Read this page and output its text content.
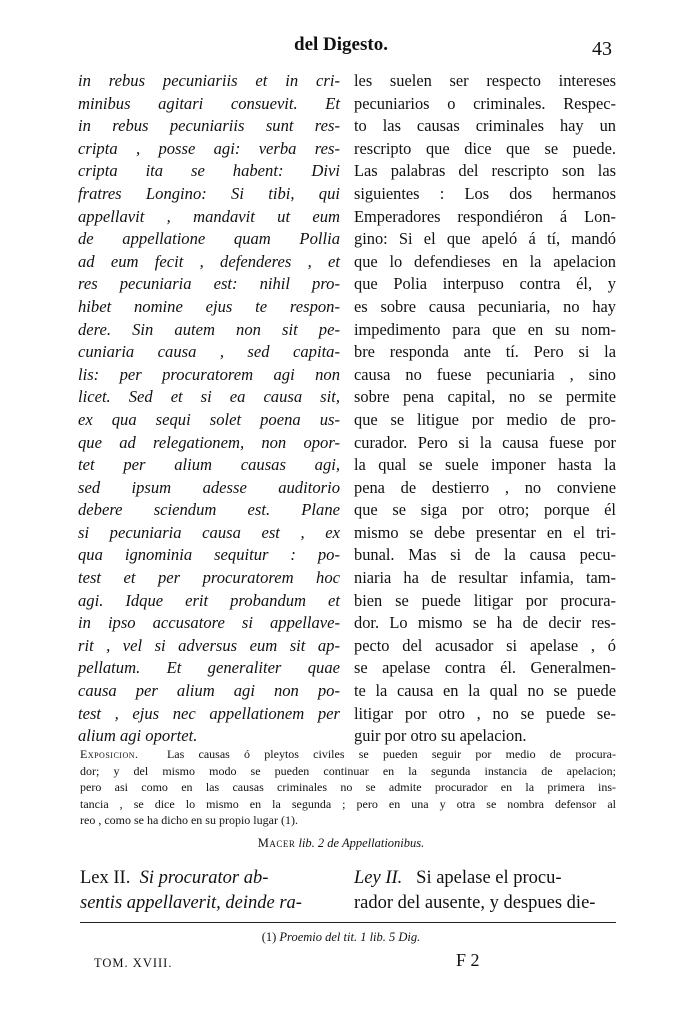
del Digesto.	43
in rebus pecuniariis et in cri-
minibus agitari consuevit. Et
in rebus pecuniariis sunt res-
cripta , posse agi: verba res-
cripta ita se habent: Divi
fratres Longino: Si tibi, qui
appellavit , mandavit ut eum
de appellatione quam Pollia
ad eum fecit , defenderes , et
res pecuniaria est: nihil pro-
hibet nomine ejus te respon-
dere. Sin autem non sit pe-
cuniaria causa , sed capita-
lis: per procuratorem agi non
licet. Sed et si ea causa sit,
ex qua sequi solet poena us-
que ad relegationem, non opor-
tet per alium causas agi,
sed ipsum adesse auditorio
debere sciendum est. Plane
si pecuniaria causa est , ex
qua ignominia sequitur : po-
test et per procuratorem hoc
agi. Idque erit probandum et
in ipso accusatore si appellave-
rit , vel si adversus eum sit ap-
pellatum. Et generaliter quae
causa per alium agi non po-
test , ejus nec appellationem per
alium agi oportet.
les suelen ser respecto intereses
pecuniarios o criminales. Respec-
to las causas criminales hay un
rescripto que dice que se puede.
Las palabras del rescripto son las
siguientes : Los dos hermanos
Emperadores respondiéron á Lon-
gino: Si el que apeló á tí, mandó
que lo defendieses en la apelacion
que Polia interpuso contra él, y
es sobre causa pecuniaria, no hay
impedimento para que en su nom-
bre responda ante tí. Pero si la
causa no fuese pecuniaria , sino
sobre pena capital, no se permite
que se litigue por medio de pro-
curador. Pero si la causa fuese por
la qual se suele imponer hasta la
pena de destierro , no conviene
que se siga por otro; porque él
mismo se debe presentar en el tri-
bunal. Mas si de la causa pecu-
niaria ha de resultar infamia, tam-
bien se puede litigar por procura-
dor. Lo mismo se ha de decir res-
pecto del acusador si apelase , ó
se apelase contra él. Generalmen-
te la causa en la qual no se puede
litigar por otro , no se puede se-
guir por otro su apelacion.
Exposicion. Las causas ó pleytos civiles se pueden seguir por medio de procura-
dor; y del mismo modo se pueden continuar en la segunda instancia de apelacion;
pero asi como en las causas criminales no se admite procurador en la primera ins-
tancia , se dice lo mismo en la segunda ; pero en una y otra se nombra defensor al
reo , como se ha dicho en su propio lugar (1).
Macer lib. 2 de Appellationibus.
Lex II. Si procurator ab-
sentis appellaverit, deinde ra-
Ley II. Si apelase el procu-
rador del ausente, y despues die-
(1) Proemio del tit. 1 lib. 5 Dig.
TOM. XVIII.	F 2
